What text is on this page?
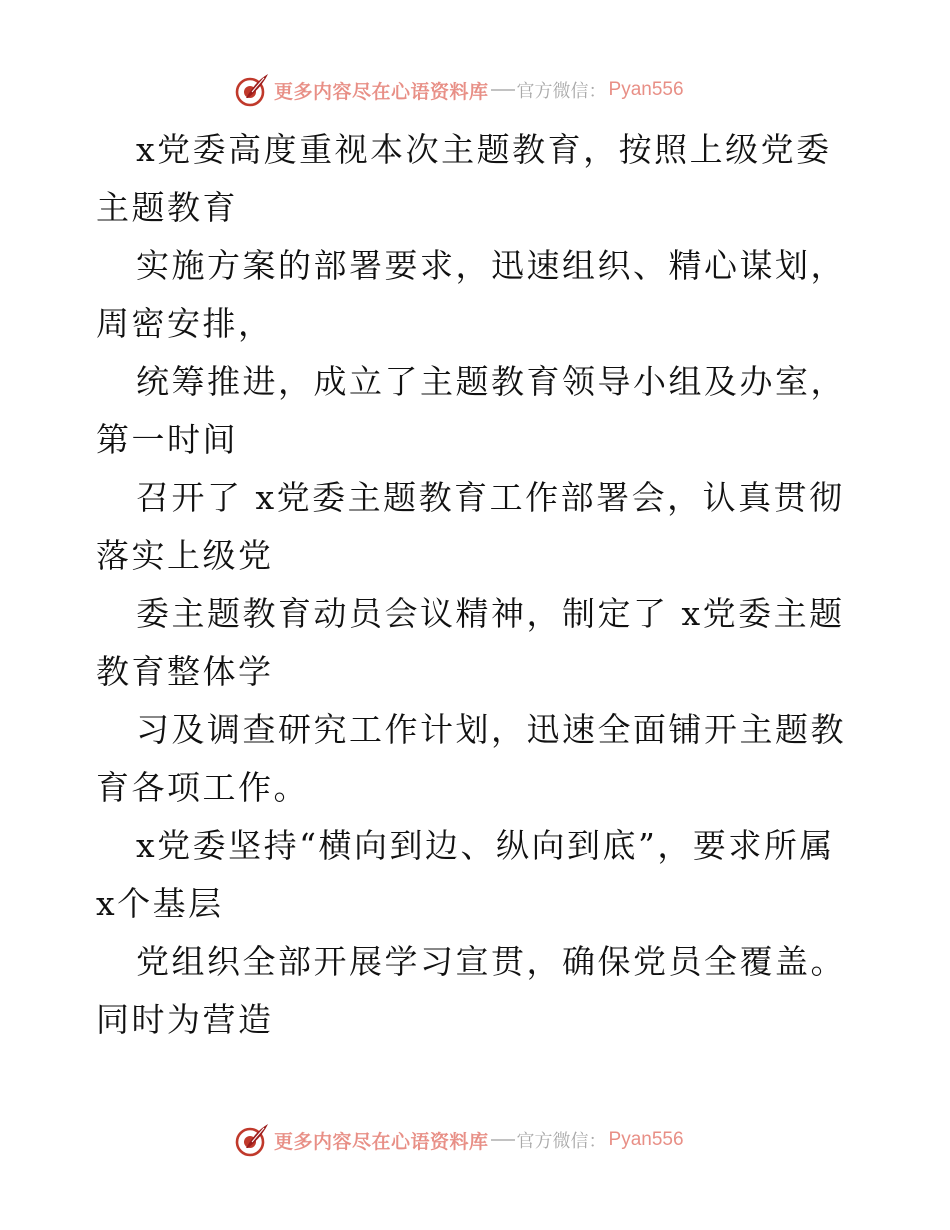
更多内容尽在心语资料库 官方微信： Pyan556

x党委高度重视本次主题教育，按照上级党委主题教育

实施方案的部署要求，迅速组织、精心谋划，周密安排，

统筹推进，成立了主题教育领导小组及办室，第一时间

召开了 x党委主题教育工作部署会，认真贯彻落实上级党

委主题教育动员会议精神，制定了 x党委主题教育整体学

习及调查研究工作计划，迅速全面铺开主题教育各项工作。

x党委坚持“横向到边、纵向到底”，要求所属 x个基层

党组织全部开展学习宣贯，确保党员全覆盖。同时为营造

更多内容尽在心语资料库 官方微信： Pyan556
